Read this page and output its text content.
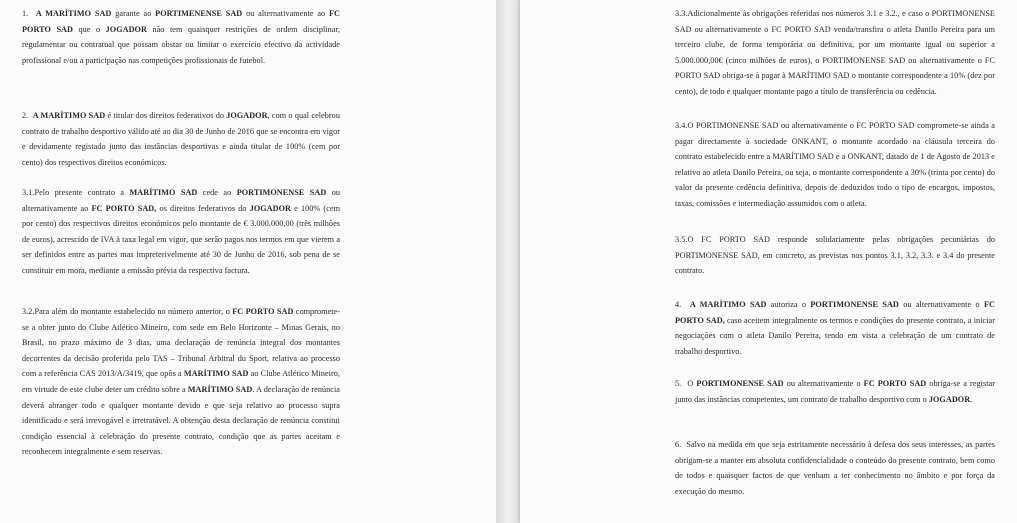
1. A MARÍTIMO SAD garante ao PORTIMENENSE SAD ou alternativamente ao FC PORTO SAD que o JOGADOR não tem quaisquer restrições de ordem disciplinar, regulamentar ou contratual que possam obstar ou limitar o exercício efectivo da actividade profissional e/ou a participação nas competições profissionais de futebol.
2. A MARÍTIMO SAD é titular dos direitos federativos do JOGADOR, com o qual celebrou contrato de trabalho desportivo válido até ao dia 30 de Junho de 2016 que se encontra em vigor e devidamente registado junto das instâncias desportivas e ainda titular de 100% (cem por cento) dos respectivos direitos económicos.
3.1.Pelo presente contrato a MARÍTIMO SAD cede ao PORTIMONENSE SAD ou alternativamente ao FC PORTO SAD, os direitos federativos do JOGADOR e 100% (cem por cento) dos respectivos direitos económicos pelo montante de € 3.000.000,00 (três milhões de euros), acrescido de IVA à taxa legal em vigor, que serão pagos nos termos em que vierem a ser definidos entre as partes mas impreterivelmente até 30 de Junho de 2016, sob pena de se constituir em mora, mediante a emissão prévia da respectiva factura.
3.2.Para além do montante estabelecido no número anterior, o FC PORTO SAD compromete-se a obter junto do Clube Atlético Mineiro, com sede em Belo Horizonte – Minas Gerais, no Brasil, no prazo máximo de 3 dias, uma declaração de renúncia integral dos montantes decorrentes da decisão proferida pelo TAS – Tribunal Arbitral du Sport, relativa ao processo com a referência CAS 2013/A/3419, que opôs a MARÍTIMO SAD ao Clube Atlético Mineiro, em virtude de este clube deter um crédito sobre a MARÍTIMO SAD. A declaração de renúncia deverá abranger todo e qualquer montante devido e que seja relativo ao processo supra identificado e será irrevogável e irretratável. A obtenção desta declaração de renúncia constitui condição essencial à celebração do presente contrato, condição que as partes aceitam e reconhecem integralmente e sem reservas.
3.3.Adicionalmente às obrigações referidas nos números 3.1 e 3.2., e caso o PORTIMONENSE SAD ou alternativamente o FC PORTO SAD venda/transfira o atleta Danilo Pereira para um terceiro clube, de forma temporária ou definitiva, por um montante igual ou superior a 5.000.000,00€ (cinco milhões de euros), o PORTIMONENSE SAD ou alternativamente o FC PORTO SAD obriga-se à pagar à MARÍTIMO SAD o montante correspondente a 10% (dez por cento), de todo e qualquer montante pago a título de transferência ou cedência.
3.4.O PORTIMONENSE SAD ou alternativamente o FC PORTO SAD compromete-se ainda a pagar directamente à sociedade ONKANT, o montante acordado na cláusula terceira do contrato estabelecido entre a MARÍTIMO SAD e a ONKANT, datado de 1 de Agosto de 2013 e relativo ao atleta Danilo Pereira, ou seja, o montante correspondente a 30% (trinta por cento) do valor da presente cedência definitiva, depois de deduzidos todo o tipo de encargos, impostos, taxas, comissões e intermediação assumidos com o atleta.
3.5.O FC PORTO SAD responde solidariamente pelas obrigações pecuniárias do PORTIMONENSE SAD, em concreto, as previstas nos pontos 3.1, 3.2, 3.3. e 3.4 do presente contrato.
4. A MARÍTIMO SAD autoriza o PORTIMONENSE SAD ou alternativamente o FC PORTO SAD, caso aceitem integralmente os termos e condições do presente contrato, a iniciar negociações com o atleta Danilo Pereira, tendo em vista a celebração de um contrato de trabalho desportivo.
5. O PORTIMONENSE SAD ou alternativamente o FC PORTO SAD obriga-se a registar junto das instâncias competentes, um contrato de trabalho desportivo com o JOGADOR.
6. Salvo na medida em que seja estritamente necessário à defesa dos seus interesses, as partes obrigam-se a manter em absoluta confidencialidade o conteúdo do presente contrato, bem como de todos e quaisquer factos de que venham a ter conhecimento no âmbito e por força da execução do mesmo.
